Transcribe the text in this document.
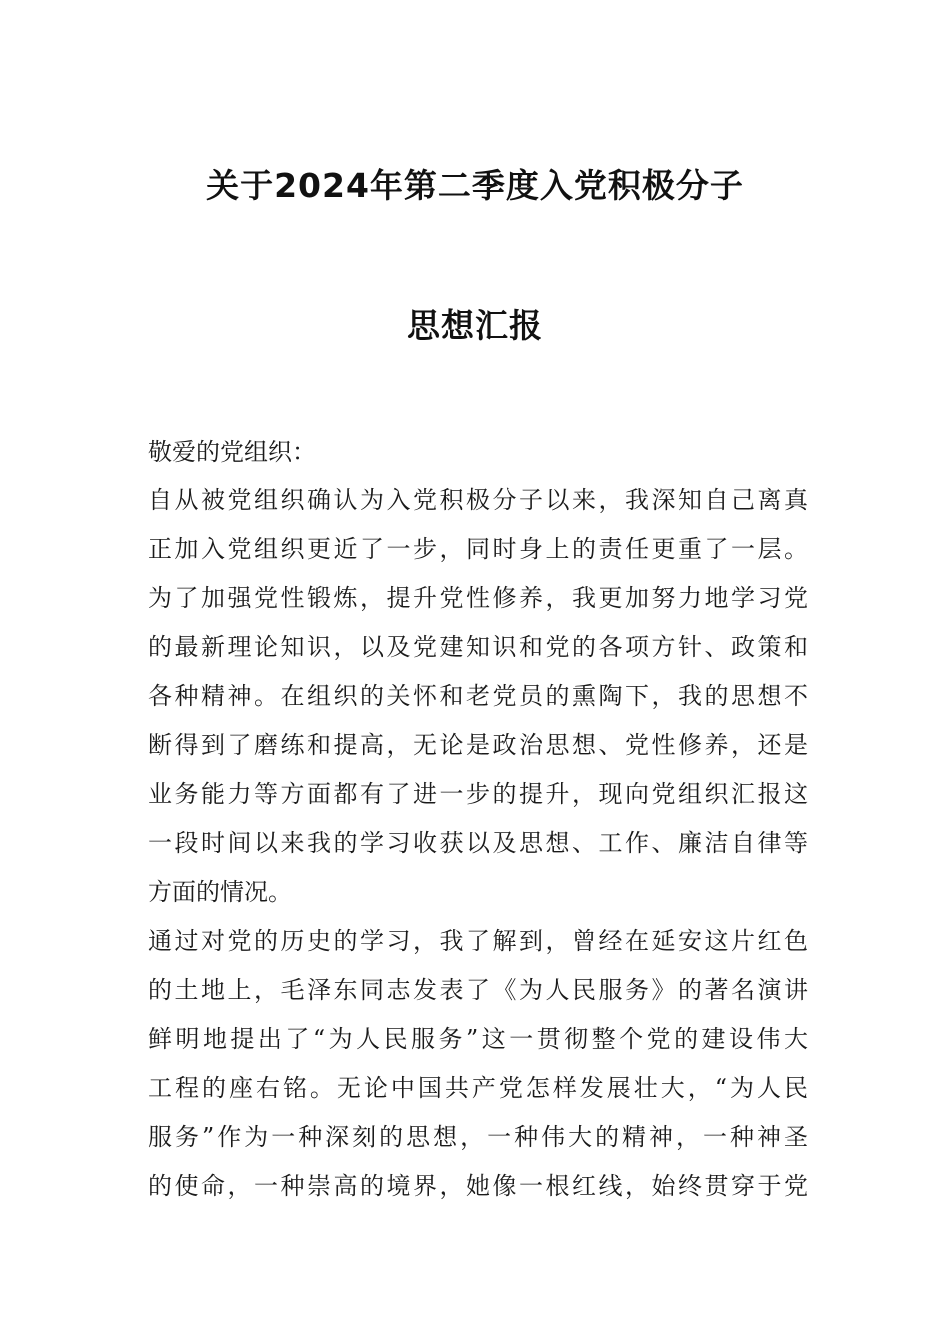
关于2024年第二季度入党积极分子
思想汇报
敬爱的党组织：
自从被党组织确认为入党积极分子以来，我深知自己离真
正加入党组织更近了一步，同时身上的责任更重了一层。
为了加强党性锻炼，提升党性修养，我更加努力地学习党
的最新理论知识，以及党建知识和党的各项方针、政策和
各种精神。在组织的关怀和老党员的熏陶下，我的思想不
断得到了磨练和提高，无论是政治思想、党性修养，还是
业务能力等方面都有了进一步的提升，现向党组织汇报这
一段时间以来我的学习收获以及思想、工作、廉洁自律等
方面的情况。
通过对党的历史的学习，我了解到，曾经在延安这片红色
的土地上，毛泽东同志发表了《为人民服务》的著名演讲
鲜明地提出了“为人民服务”这一贯彻整个党的建设伟大
工程的座右铭。无论中国共产党怎样发展壮大，“为人民
服务”作为一种深刻的思想，一种伟大的精神，一种神圣
的使命，一种崇高的境界，她像一根红线，始终贯穿于党
